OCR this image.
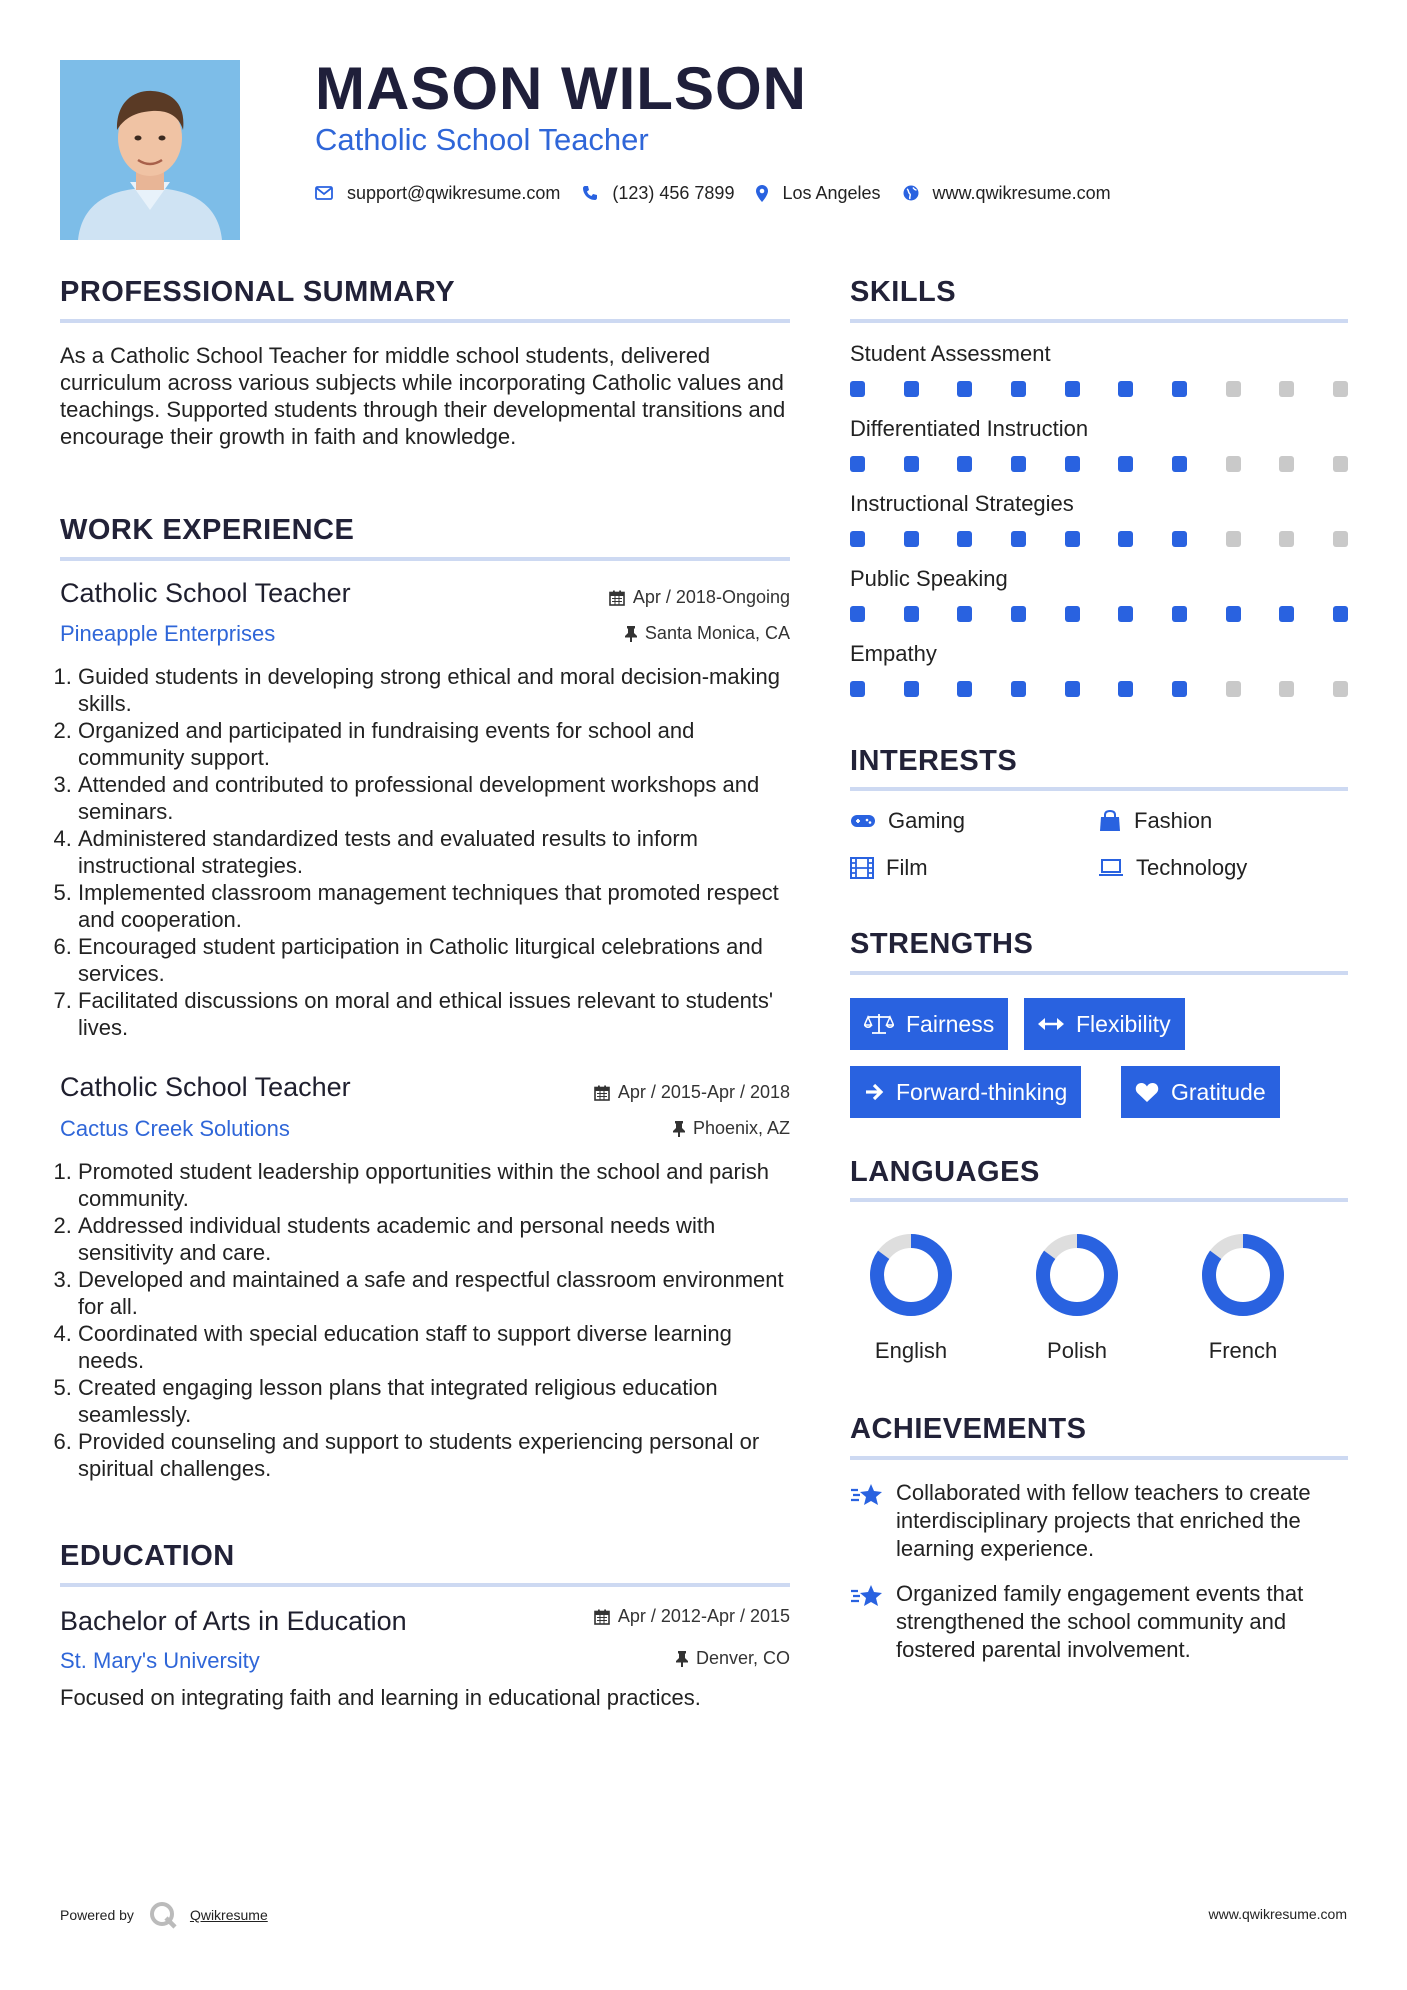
MASON WILSON
Catholic School Teacher
support@qwikresume.com	(123) 456 7899	Los Angeles	www.qwikresume.com
PROFESSIONAL SUMMARY
As a Catholic School Teacher for middle school students, delivered curriculum across various subjects while incorporating Catholic values and teachings. Supported students through their developmental transitions and encourage their growth in faith and knowledge.
WORK EXPERIENCE
Catholic School Teacher	Apr / 2018-Ongoing
Pineapple Enterprises	Santa Monica, CA
1. Guided students in developing strong ethical and moral decision-making skills.
2. Organized and participated in fundraising events for school and community support.
3. Attended and contributed to professional development workshops and seminars.
4. Administered standardized tests and evaluated results to inform instructional strategies.
5. Implemented classroom management techniques that promoted respect and cooperation.
6. Encouraged student participation in Catholic liturgical celebrations and services.
7. Facilitated discussions on moral and ethical issues relevant to students' lives.
Catholic School Teacher	Apr / 2015-Apr / 2018
Cactus Creek Solutions	Phoenix, AZ
1. Promoted student leadership opportunities within the school and parish community.
2. Addressed individual students academic and personal needs with sensitivity and care.
3. Developed and maintained a safe and respectful classroom environment for all.
4. Coordinated with special education staff to support diverse learning needs.
5. Created engaging lesson plans that integrated religious education seamlessly.
6. Provided counseling and support to students experiencing personal or spiritual challenges.
EDUCATION
Bachelor of Arts in Education	Apr / 2012-Apr / 2015
St. Mary's University	Denver, CO
Focused on integrating faith and learning in educational practices.
SKILLS
Student Assessment
Differentiated Instruction
Instructional Strategies
Public Speaking
Empathy
INTERESTS
Gaming	Fashion
Film	Technology
STRENGTHS
Fairness	Flexibility
Forward-thinking	Gratitude
LANGUAGES
English	Polish	French
ACHIEVEMENTS
Collaborated with fellow teachers to create interdisciplinary projects that enriched the learning experience.
Organized family engagement events that strengthened the school community and fostered parental involvement.
Powered by	Qwikresume	www.qwikresume.com
